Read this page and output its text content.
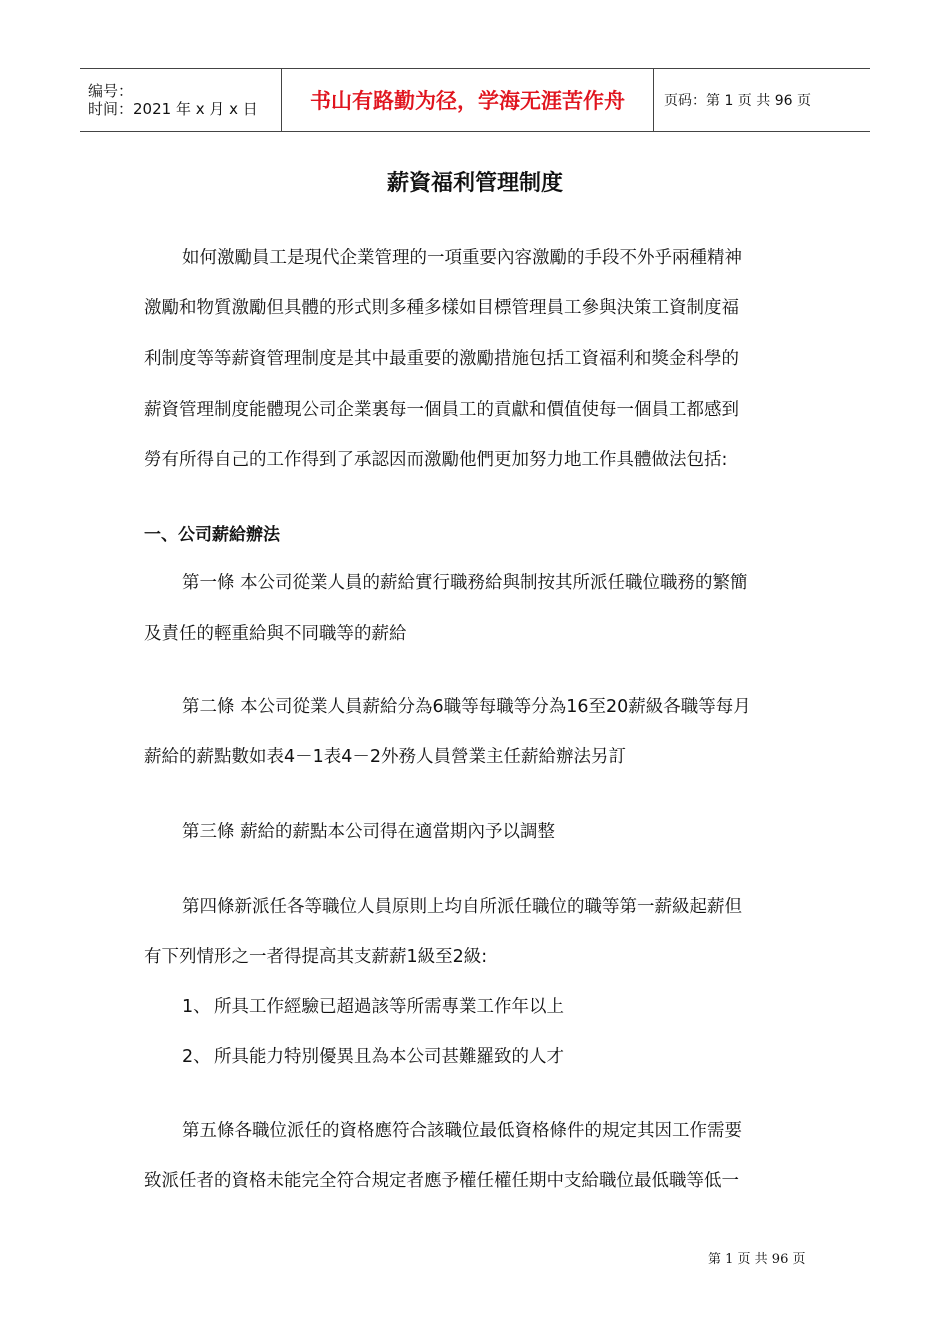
编号：
时间：2021 年 x 月 x 日	书山有路勤为径，学海无涯苦作舟	页码：第 1 页 共 96 页
薪資福利管理制度
如何激勵員工是現代企業管理的一項重要內容激勵的手段不外乎兩種精神
激勵和物質激勵但具體的形式則多種多樣如目標管理員工參與決策工資制度福
利制度等等薪資管理制度是其中最重要的激勵措施包括工資福利和獎金科學的
薪資管理制度能體現公司企業裏每一個員工的貢獻和價值使每一個員工都感到
勞有所得自己的工作得到了承認因而激勵他們更加努力地工作具體做法包括:
一、公司薪給辦法
第一條 本公司從業人員的薪給實行職務給與制按其所派任職位職務的繁簡
及責任的輕重給與不同職等的薪給
第二條 本公司從業人員薪給分為6職等每職等分為16至20薪級各職等每月
薪給的薪點數如表4－1表4－2外務人員營業主任薪給辦法另訂
第三條 薪給的薪點本公司得在適當期內予以調整
第四條新派任各等職位人員原則上均自所派任職位的職等第一薪級起薪但
有下列情形之一者得提高其支薪薪1級至2級:
1、 所具工作經驗已超過該等所需專業工作年以上
2、 所具能力特別優異且為本公司甚難羅致的人才
第五條各職位派任的資格應符合該職位最低資格條件的規定其因工作需要
致派任者的資格未能完全符合規定者應予權任權任期中支給職位最低職等低一
第 1 页 共 96 页
